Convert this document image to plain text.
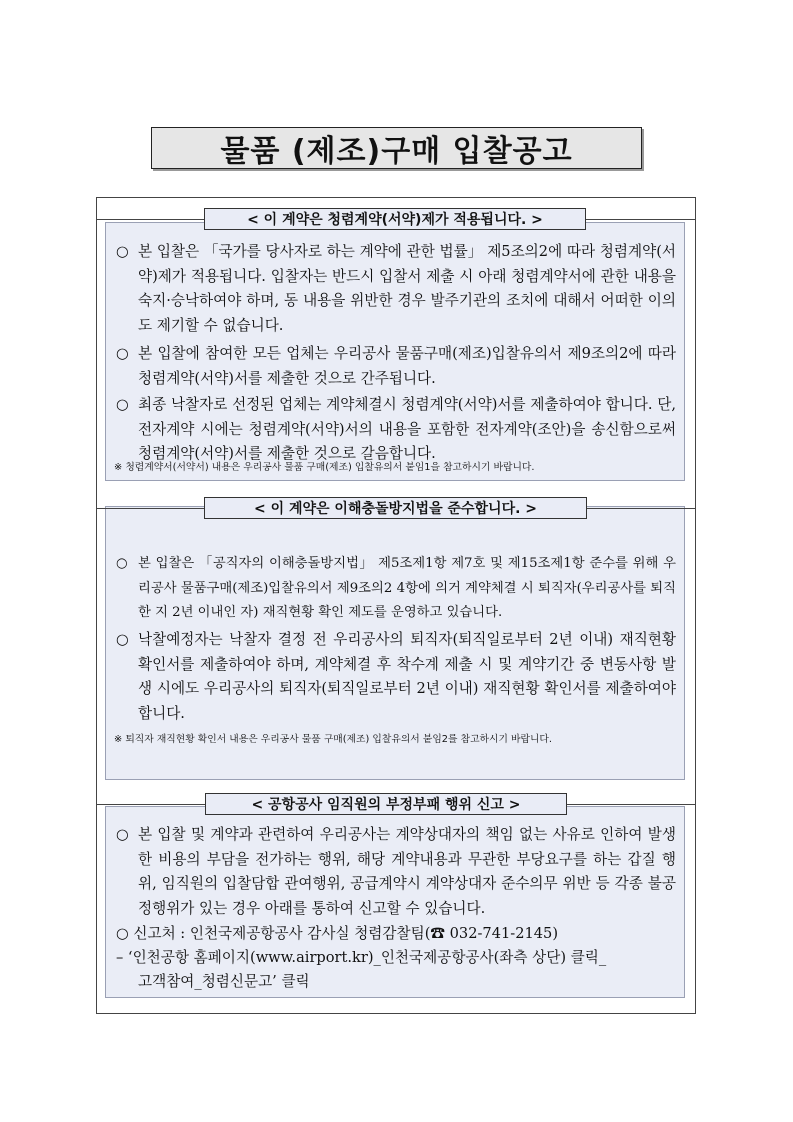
물품 (제조)구매 입찰공고
< 이 계약은 청렴계약(서약)제가 적용됩니다. >
○ 본 입찰은 「국가를 당사자로 하는 계약에 관한 법률」 제5조의2에 따라 청렴계약(서약)제가 적용됩니다. 입찰자는 반드시 입찰서 제출 시 아래 청렴계약서에 관한 내용을 숙지·승낙하여야 하며, 동 내용을 위반한 경우 발주기관의 조치에 대해서 어떠한 이의도 제기할 수 없습니다.
○ 본 입찰에 참여한 모든 업체는 우리공사 물품구매(제조)입찰유의서 제9조의2에 따라 청렴계약(서약)서를 제출한 것으로 간주됩니다.
○ 최종 낙찰자로 선정된 업체는 계약체결시 청렴계약(서약)서를 제출하여야 합니다. 단, 전자계약 시에는 청렴계약(서약)서의 내용을 포함한 전자계약(조안)을 송신함으로써 청렴계약(서약)서를 제출한 것으로 갈음합니다.
※ 청렴계약서(서약서) 내용은 우리공사 물품 구매(제조) 입찰유의서 붙임1을 참고하시기 바랍니다.
< 이 계약은 이해충돌방지법을 준수합니다. >
○ 본 입찰은 「공직자의 이해충돌방지법」 제5조제1항 제7호 및 제15조제1항 준수를 위해 우리공사 물품구매(제조)입찰유의서 제9조의2 4항에 의거 계약체결 시 퇴직자(우리공사를 퇴직한 지 2년 이내인 자) 재직현황 확인 제도를 운영하고 있습니다.
○ 낙찰예정자는 낙찰자 결정 전 우리공사의 퇴직자(퇴직일로부터 2년 이내) 재직현황 확인서를 제출하여야 하며, 계약체결 후 착수계 제출 시 및 계약기간 중 변동사항 발생 시에도 우리공사의 퇴직자(퇴직일로부터 2년 이내) 재직현황 확인서를 제출하여야 합니다.
※ 퇴직자 재직현황 확인서 내용은 우리공사 물품 구매(제조) 입찰유의서 붙임2를 참고하시기 바랍니다.
< 공항공사 임직원의 부정부패 행위 신고 >
○ 본 입찰 및 계약과 관련하여 우리공사는 계약상대자의 책임 없는 사유로 인하여 발생한 비용의 부담을 전가하는 행위, 해당 계약내용과 무관한 부당요구를 하는 갑질 행위, 임직원의 입찰담합 관여행위, 공급계약시 계약상대자 준수의무 위반 등 각종 불공정행위가 있는 경우 아래를 통하여 신고할 수 있습니다.
○ 신고처 : 인천국제공항공사 감사실 청렴감찰팀(☎ 032-741-2145)
– ‘인천공항 홈페이지(www.airport.kr)_인천국제공항공사(좌측 상단) 클릭_
고객참여_청렴신문고’ 클릭
